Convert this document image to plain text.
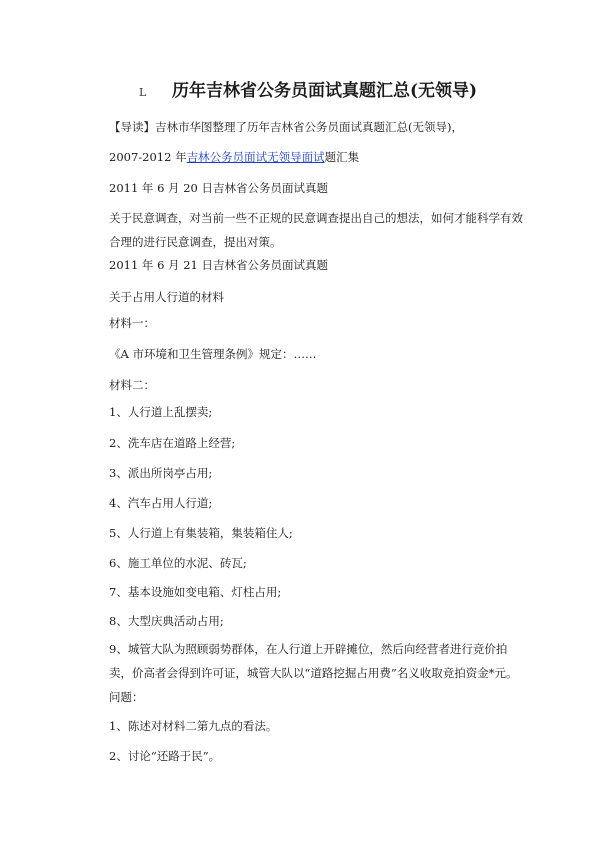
L 历年吉林省公务员面试真题汇总(无领导)
【导读】吉林市华图整理了历年吉林省公务员面试真题汇总(无领导)，
2007-2012 年吉林公务员面试无领导面试题汇集
2011 年 6 月 20 日吉林省公务员面试真题
关于民意调查，对当前一些不正规的民意调查提出自己的想法，如何才能科学有效合理的进行民意调查，提出对策。
2011 年 6 月 21 日吉林省公务员面试真题
关于占用人行道的材料
材料一：
《A 市环境和卫生管理条例》规定：……
材料二：
1、人行道上乱摆卖;
2、洗车店在道路上经营;
3、派出所岗亭占用;
4、汽车占用人行道;
5、人行道上有集装箱，集装箱住人;
6、施工单位的水泥、砖瓦;
7、基本设施如变电箱、灯柱占用;
8、大型庆典活动占用;
9、城管大队为照顾弱势群体，在人行道上开辟摊位，然后向经营者进行竞价拍卖，价高者会得到许可证，城管大队以“道路挖掘占用费”名义收取竞拍资金*元。
问题：
1、陈述对材料二第九点的看法。
2、讨论“还路于民”。
